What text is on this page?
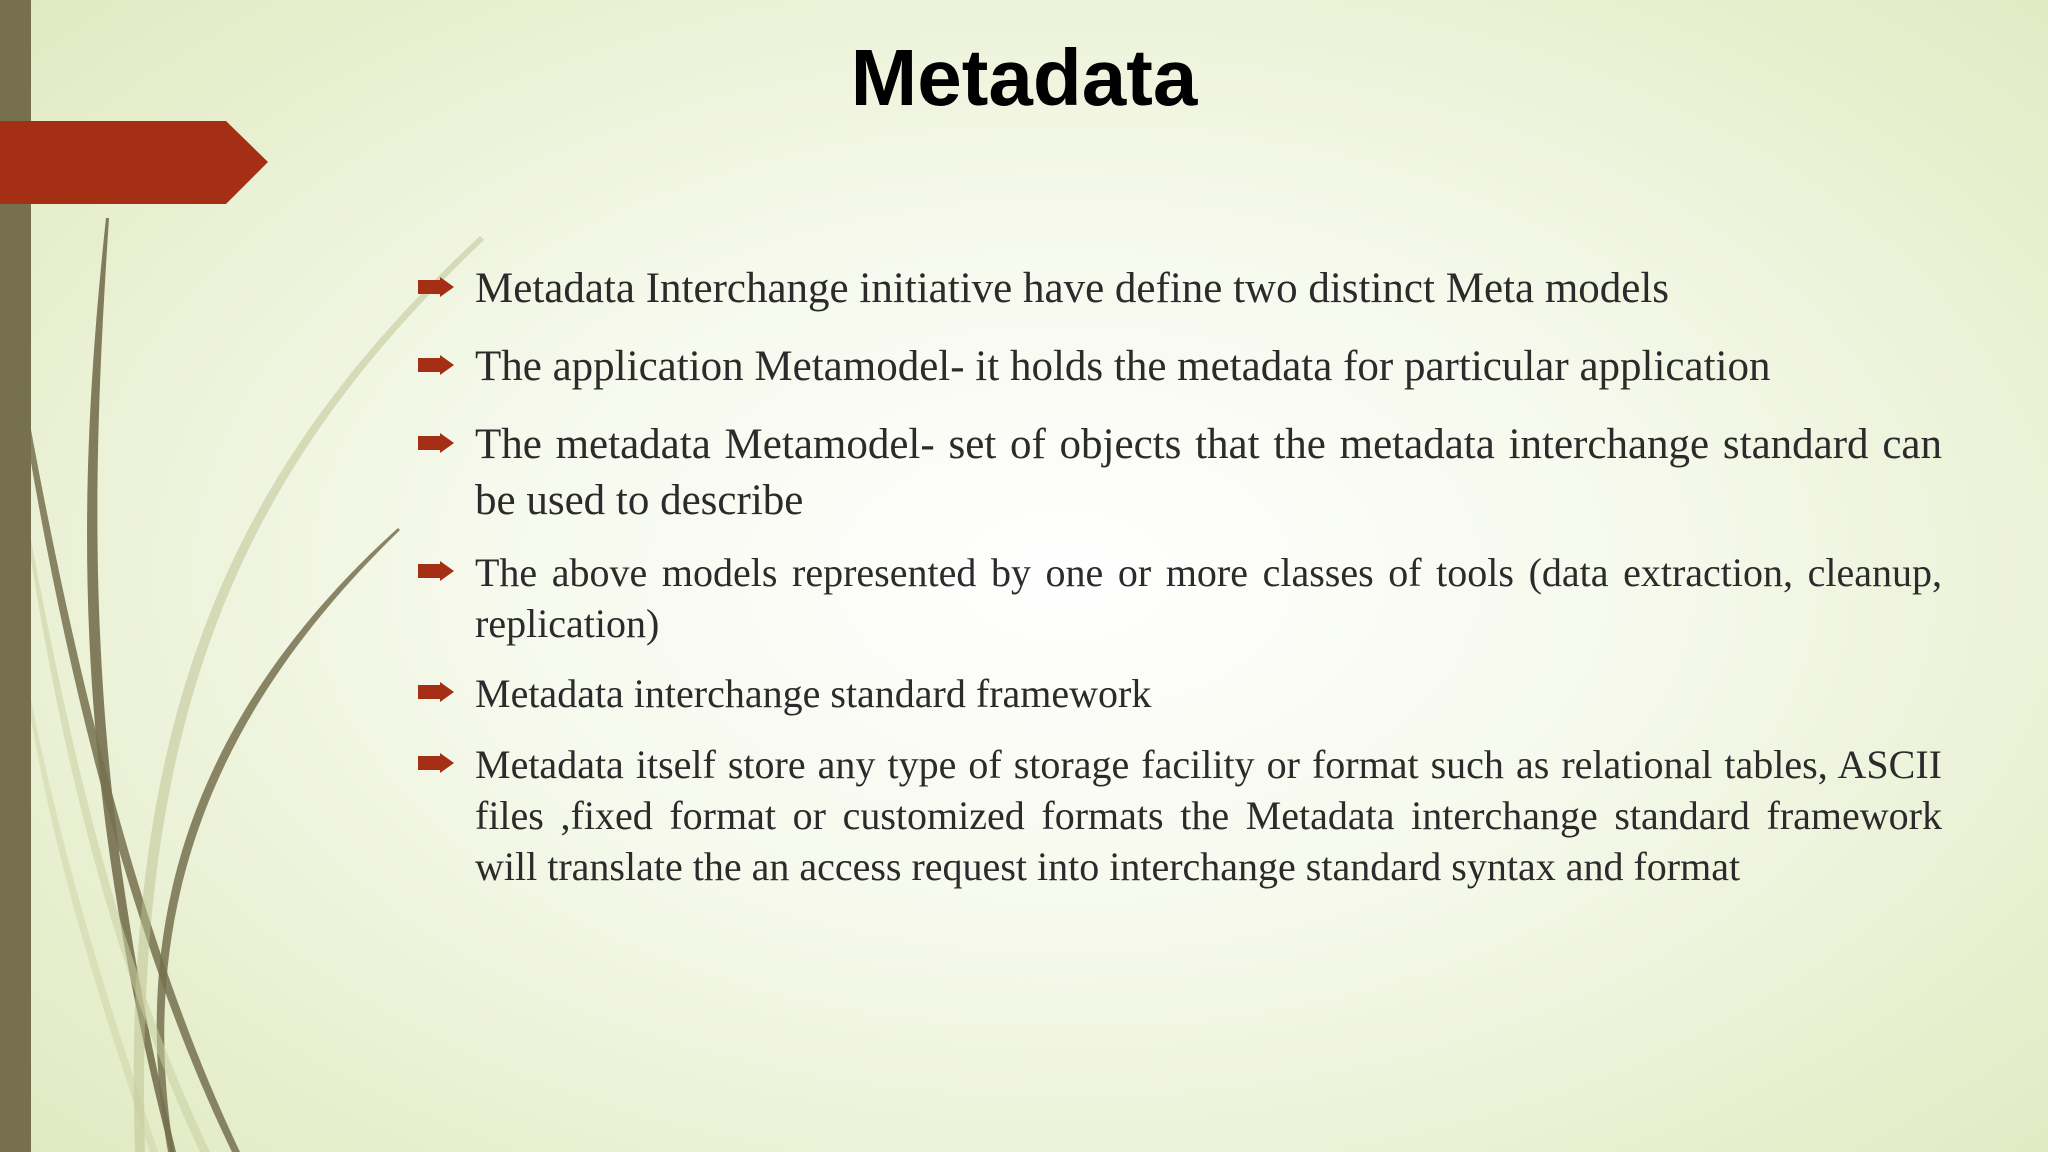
Metadata
Metadata Interchange initiative have define two distinct Meta models
The application Metamodel- it holds the metadata for particular application
The metadata Metamodel- set of objects that the metadata interchange standard can be used to describe
The above models represented by one or more classes of tools (data extraction, cleanup, replication)
Metadata interchange standard framework
Metadata itself store any type of storage facility or format such as relational tables, ASCII files ,fixed format or customized formats the Metadata interchange standard framework will translate the an access request into interchange standard syntax and format
